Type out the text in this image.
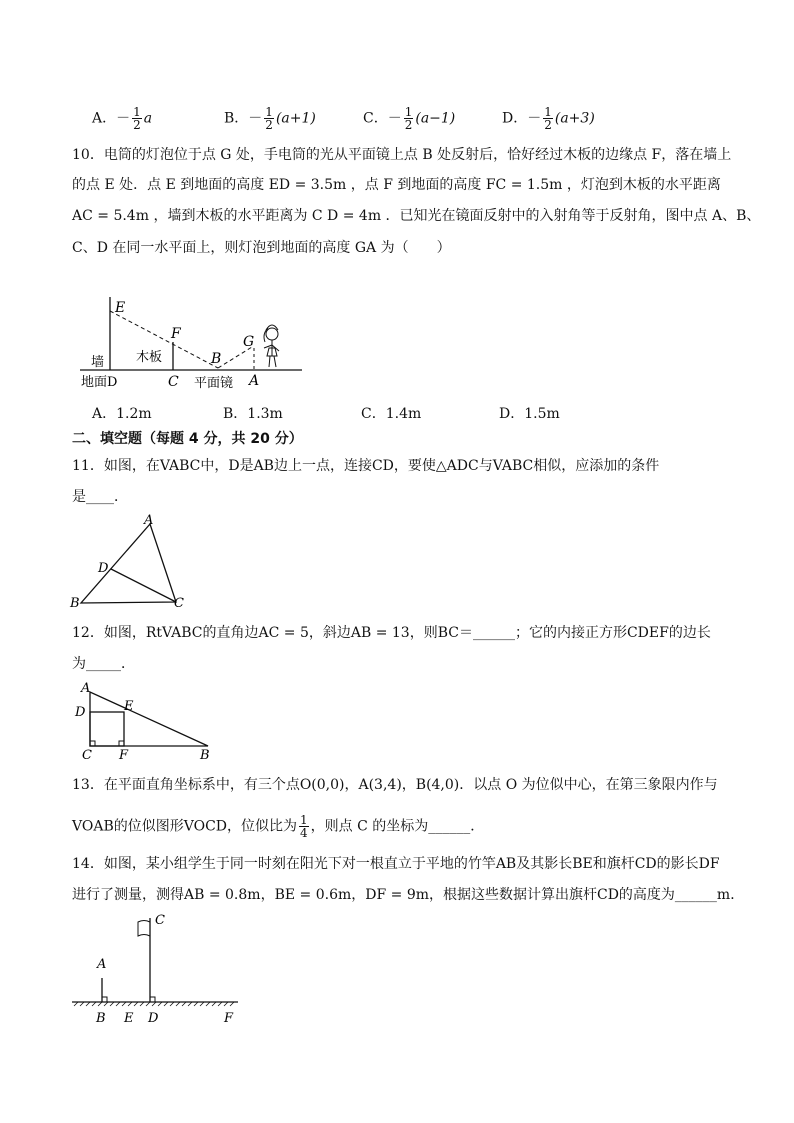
A．－ $\frac{1}{2}$ a	B．－ $\frac{1}{2} (a+1)$	C．－ $\frac{1}{2} (a-1)$	D．－ $\frac{1}{2} (a+3)$
10．电筒的灯泡位于点 G 处，手电筒的光从平面镜上点 B 处反射后，恰好经过木板的边缘点 F，落在墙上
的点 E 处．点 E 到地面的高度 ED = 3.5m ，点 F 到地面的高度 FC = 1.5m ，灯泡到木板的水平距离
AC = 5.4m ，墙到木板的水平距离为 C D = 4m ．已知光在镜面反射中的入射角等于反射角，图中点 A、B、
C、D 在同一水平面上，则灯泡到地面的高度 GA 为（　　）
E
F	G
B
墙 木板
地面D	C 平面镜 A
A．1.2m	B．1.3m	C．1.4m	D．1.5m
二、填空题（每题 4 分，共 20 分）
11．如图，在VABC中，D是AB边上一点，连接CD，要使△ADC与VABC相似，应添加的条件
是____．
A
D
B	C
12．如图，RtVABC的直角边AC = 5，斜边AB = 13，则BC＝______；它的内接正方形CDEF的边长
为_____．
A
D	E
C F	B
13．在平面直角坐标系中，有三个点O(0,0)，A(3,4)，B(4,0)．以点 O 为位似中心，在第三象限内作与
VOAB的位似图形VOCD，位似比为 $\frac{1}{4}$ ，则点 C 的坐标为______．
14．如图，某小组学生于同一时刻在阳光下对一根直立于平地的竹竿AB及其影长BE和旗杆CD的影长DF
进行了测量，测得AB = 0.8m，BE = 0.6m，DF = 9m，根据这些数据计算出旗杆CD的高度为______m．
C
A
B E D	F
